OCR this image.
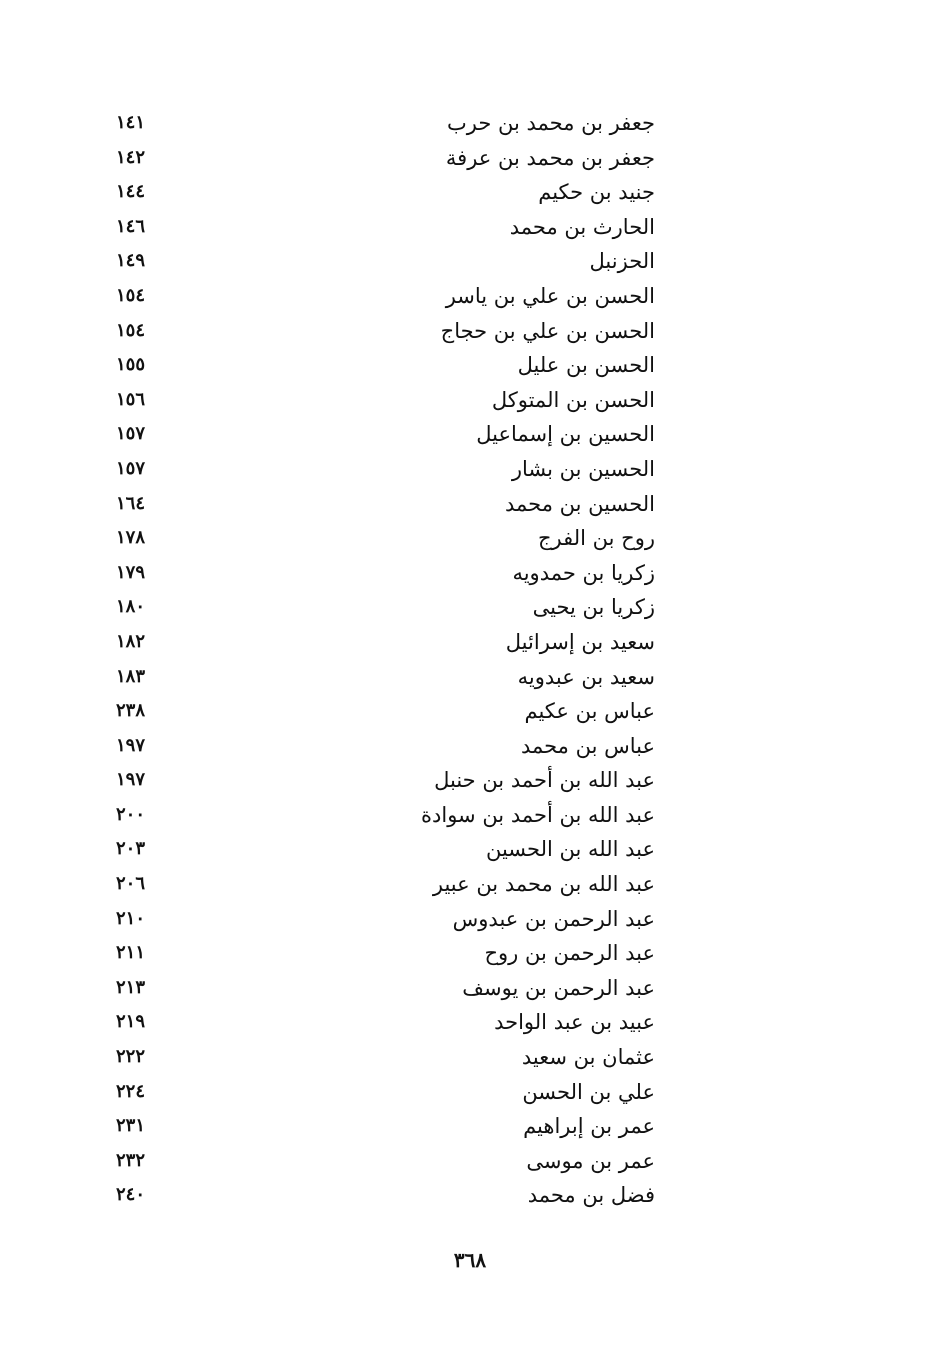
جعفر بن محمد بن حرب
١٤١
جعفر بن محمد بن عرفة
١٤٢
جنيد بن حكيم
١٤٤
الحارث بن محمد
١٤٦
الحزنبل
١٤٩
الحسن بن علي بن ياسر
١٥٤
الحسن بن علي بن حجاج
١٥٤
الحسن بن عليل
١٥٥
الحسن بن المتوكل
١٥٦
الحسين بن إسماعيل
١٥٧
الحسين بن بشار
١٥٧
الحسين بن محمد
١٦٤
روح بن الفرج
١٧٨
زكريا بن حمدويه
١٧٩
زكريا بن يحيى
١٨٠
سعيد بن إسرائيل
١٨٢
سعيد بن عبدويه
١٨٣
عباس بن عكيم
٢٣٨
عباس بن محمد
١٩٧
عبد الله بن أحمد بن حنبل
١٩٧
عبد الله بن أحمد بن سوادة
٢٠٠
عبد الله بن الحسين
٢٠٣
عبد الله بن محمد بن عبير
٢٠٦
عبد الرحمن بن عبدوس
٢١٠
عبد الرحمن بن روح
٢١١
عبد الرحمن بن يوسف
٢١٣
عبيد بن عبد الواحد
٢١٩
عثمان بن سعيد
٢٢٢
علي بن الحسن
٢٢٤
عمر بن إبراهيم
٢٣١
عمر بن موسى
٢٣٢
فضل بن محمد
٢٤٠
٣٦٨
